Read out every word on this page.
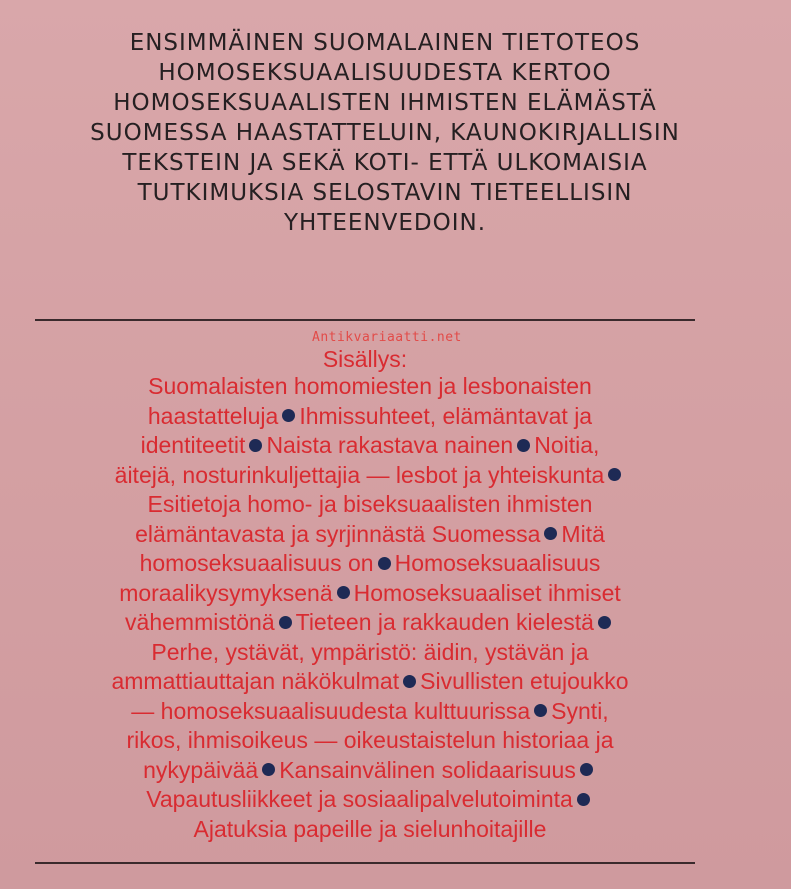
ENSIMMÄINEN SUOMALAINEN TIETOTEOS
HOMOSEKSUAALISUUDESTA KERTOO
HOMOSEKSUAALISTEN IHMISTEN ELÄMÄSTÄ
SUOMESSA HAASTATTELUIN, KAUNOKIRJALLISIN
TEKSTEIN JA SEKÄ KOTI- ETTÄ ULKOMAISIA
TUTKIMUKSIA SELOSTAVIN TIETEELLISIN
YHTEENVEDOIN.
Antikvariaatti.net
Sisällys:
Suomalaisten homomiesten ja lesbonaisten
haastatteluja Ihmissuhteet, elämäntavat ja
identiteetit Naista rakastava nainen Noitia,
äitejä, nosturinkuljettajia — lesbot ja yhteiskunta
Esitietoja homo- ja biseksuaalisten ihmisten
elämäntavasta ja syrjinnästä Suomessa Mitä
homoseksuaalisuus on Homoseksuaalisuus
moraalikysymyksenä Homoseksuaaliset ihmiset
vähemmistönä Tieteen ja rakkauden kielestä
Perhe, ystävät, ympäristö: äidin, ystävän ja
ammattiauttajan näkökulmat Sivullisten etujoukko
— homoseksuaalisuudesta kulttuurissa Synti,
rikos, ihmisoikeus — oikeustaistelun historiaa ja
nykypäivää Kansainvälinen solidaarisuus
Vapautusliikkeet ja sosiaalipalvelutoiminta
Ajatuksia papeille ja sielunhoitajille
